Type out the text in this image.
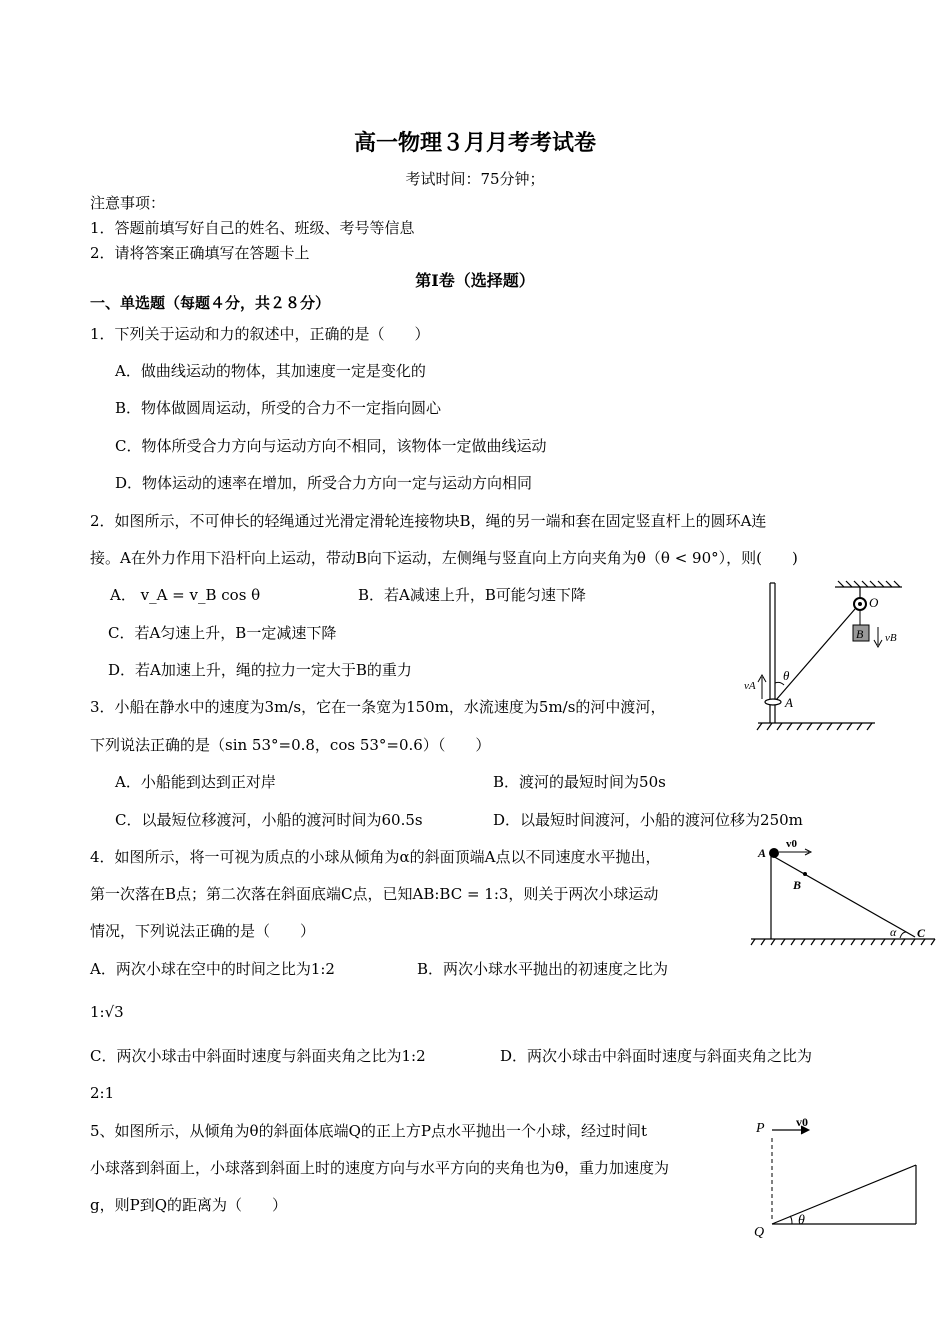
高一物理３月月考考试卷
考试时间：75分钟；
注意事项：
1．答题前填写好自己的姓名、班级、考号等信息
2．请将答案正确填写在答题卡上
第Ⅰ卷（选择题）
一、单选题（每题４分，共２８分）
1．下列关于运动和力的叙述中，正确的是（　　）
A．做曲线运动的物体，其加速度一定是变化的
B．物体做圆周运动，所受的合力不一定指向圆心
C．物体所受合力方向与运动方向不相同，该物体一定做曲线运动
D．物体运动的速率在增加，所受合力方向一定与运动方向相同
2．如图所示，不可伸长的轻绳通过光滑定滑轮连接物块B，绳的另一端和套在固定竖直杆上的圆环A连
接。A在外力作用下沿杆向上运动，带动B向下运动，左侧绳与竖直向上方向夹角为θ（θ < 90°），则(　　)
A． v_A = v_B cos θ	B．若A减速上升，B可能匀速下降
C．若A匀速上升，B一定减速下降
D．若A加速上升，绳的拉力一定大于B的重力
O
B vB
A
θ
vA
3．小船在静水中的速度为3m/s，它在一条宽为150m，水流速度为5m/s的河中渡河，
下列说法正确的是（sin 53°=0.8，cos 53°=0.6）（　　）
A．小船能到达到正对岸	B．渡河的最短时间为50s
C．以最短位移渡河，小船的渡河时间为60.5s	D．以最短时间渡河，小船的渡河位移为250m
4．如图所示，将一可视为质点的小球从倾角为α的斜面顶端A点以不同速度水平抛出，
第一次落在B点；第二次落在斜面底端C点，已知AB:BC = 1:3，则关于两次小球运动
情况，下列说法正确的是（　　）
A．两次小球在空中的时间之比为1:2	B．两次小球水平抛出的初速度之比为
1:√3
C．两次小球击中斜面时速度与斜面夹角之比为1:2	D．两次小球击中斜面时速度与斜面夹角之比为
2:1
A
v0
B
α C
5、如图所示，从倾角为θ的斜面体底端Q的正上方P点水平抛出一个小球，经过时间t
小球落到斜面上，小球落到斜面上时的速度方向与水平方向的夹角也为θ，重力加速度为
g，则P到Q的距离为（　　）
P	v0
θ
Q
